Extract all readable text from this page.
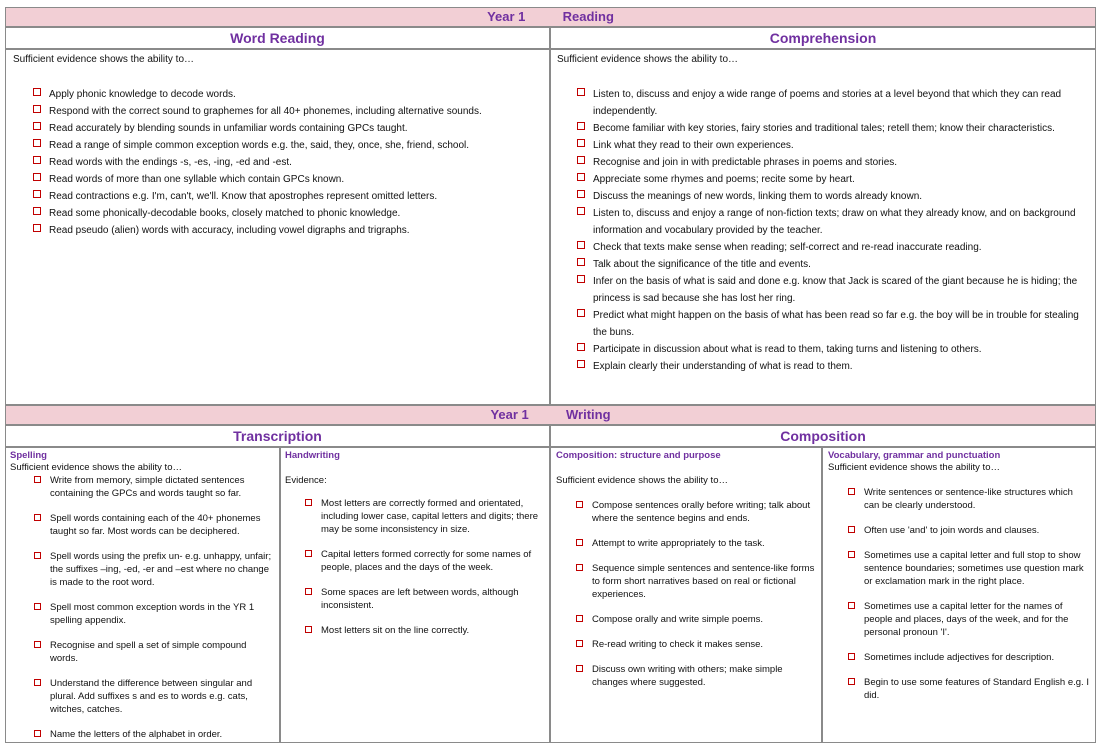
Year 1	Reading
Word Reading	Comprehension
Sufficient evidence shows the ability to…
Apply phonic knowledge to decode words.
Respond with the correct sound to graphemes for all 40+ phonemes, including alternative sounds.
Read accurately by blending sounds in unfamiliar words containing GPCs taught.
Read a range of simple common exception words e.g. the, said, they, once, she, friend, school.
Read words with the endings -s, -es, -ing, -ed and -est.
Read words of more than one syllable which contain GPCs known.
Read contractions e.g. I'm, can't, we'll. Know that apostrophes represent omitted letters.
Read some phonically-decodable books, closely matched to phonic knowledge.
Read pseudo (alien) words with accuracy, including vowel digraphs and trigraphs.
Sufficient evidence shows the ability to…
Listen to, discuss and enjoy a wide range of poems and stories at a level beyond that which they can read independently.
Become familiar with key stories, fairy stories and traditional tales; retell them; know their characteristics.
Link what they read to their own experiences.
Recognise and join in with predictable phrases in poems and stories.
Appreciate some rhymes and poems; recite some by heart.
Discuss the meanings of new words, linking them to words already known.
Listen to, discuss and enjoy a range of non-fiction texts; draw on what they already know, and on background information and vocabulary provided by the teacher.
Check that texts make sense when reading; self-correct and re-read inaccurate reading.
Talk about the significance of the title and events.
Infer on the basis of what is said and done e.g. know that Jack is scared of the giant because he is hiding; the princess is sad because she has lost her ring.
Predict what might happen on the basis of what has been read so far e.g. the boy will be in trouble for stealing the buns.
Participate in discussion about what is read to them, taking turns and listening to others.
Explain clearly their understanding of what is read to them.
Year 1	Writing
Transcription	Composition
Spelling
Sufficient evidence shows the ability to…
Write from memory, simple dictated sentences containing the GPCs and words taught so far.
Spell words containing each of the 40+ phonemes taught so far. Most words can be deciphered.
Spell words using the prefix un- e.g. unhappy, unfair; the suffixes –ing, -ed, -er and –est where no change is made to the root word.
Spell most common exception words in the YR 1 spelling appendix.
Recognise and spell a set of simple compound words.
Understand the difference between singular and plural. Add suffixes s and es to words e.g. cats, witches, catches.
Name the letters of the alphabet in order.
Handwriting
Evidence:
Most letters are correctly formed and orientated, including lower case, capital letters and digits; there may be some inconsistency in size.
Capital letters formed correctly for some names of people, places and the days of the week.
Some spaces are left between words, although inconsistent.
Most letters sit on the line correctly.
Composition: structure and purpose
Sufficient evidence shows the ability to…
Compose sentences orally before writing; talk about where the sentence begins and ends.
Attempt to write appropriately to the task.
Sequence simple sentences and sentence-like forms to form short narratives based on real or fictional experiences.
Compose orally and write simple poems.
Re-read writing to check it makes sense.
Discuss own writing with others; make simple changes where suggested.
Vocabulary, grammar and punctuation
Sufficient evidence shows the ability to…
Write sentences or sentence-like structures which can be clearly understood.
Often use 'and' to join words and clauses.
Sometimes use a capital letter and full stop to show sentence boundaries; sometimes use question mark or exclamation mark in the right place.
Sometimes use a capital letter for the names of people and places, days of the week, and for the personal pronoun 'I'.
Sometimes include adjectives for description.
Begin to use some features of Standard English e.g. I did.
